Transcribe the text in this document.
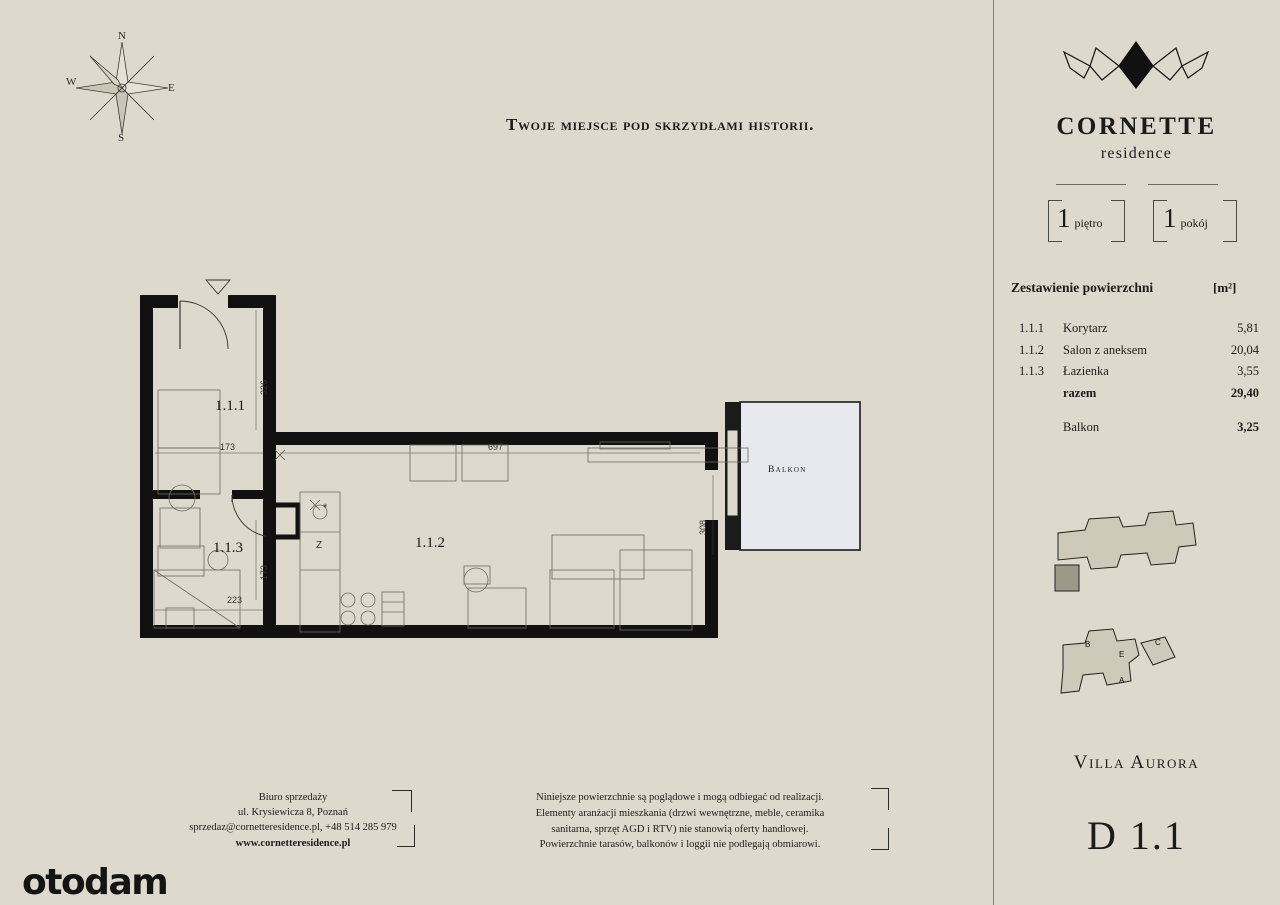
N
S
E
W
Twoje miejsce pod skrzydłami historii.
1.1.1
1.1.2
1.1.3
326
173	697
308
173
223
*
Z
Balkon
Biuro sprzedaży
ul. Krysiewicza 8, Poznań
sprzedaz@cornetteresidence.pl, +48 514 285 979
www.cornetteresidence.pl
Niniejsze powierzchnie są poglądowe i mogą odbiegać od realizacji.
Elementy aranżacji mieszkania (drzwi wewnętrzne, meble, ceramika
sanitarna, sprzęt AGD i RTV) nie stanowią oferty handlowej.
Powierzchnie tarasów, balkonów i loggii nie podlegają obmiarowi.
otodam
CORNETTE
residence
1 piętro 1 pokój
Zestawienie powierzchni	[m²]
1.1.1	Korytarz	5,81
1.1.2	Salon z aneksem	20,04
1.1.3	Łazienka	3,55
razem	29,40
Balkon	3,25
B
E
A
C
Villa Aurora
D 1.1
